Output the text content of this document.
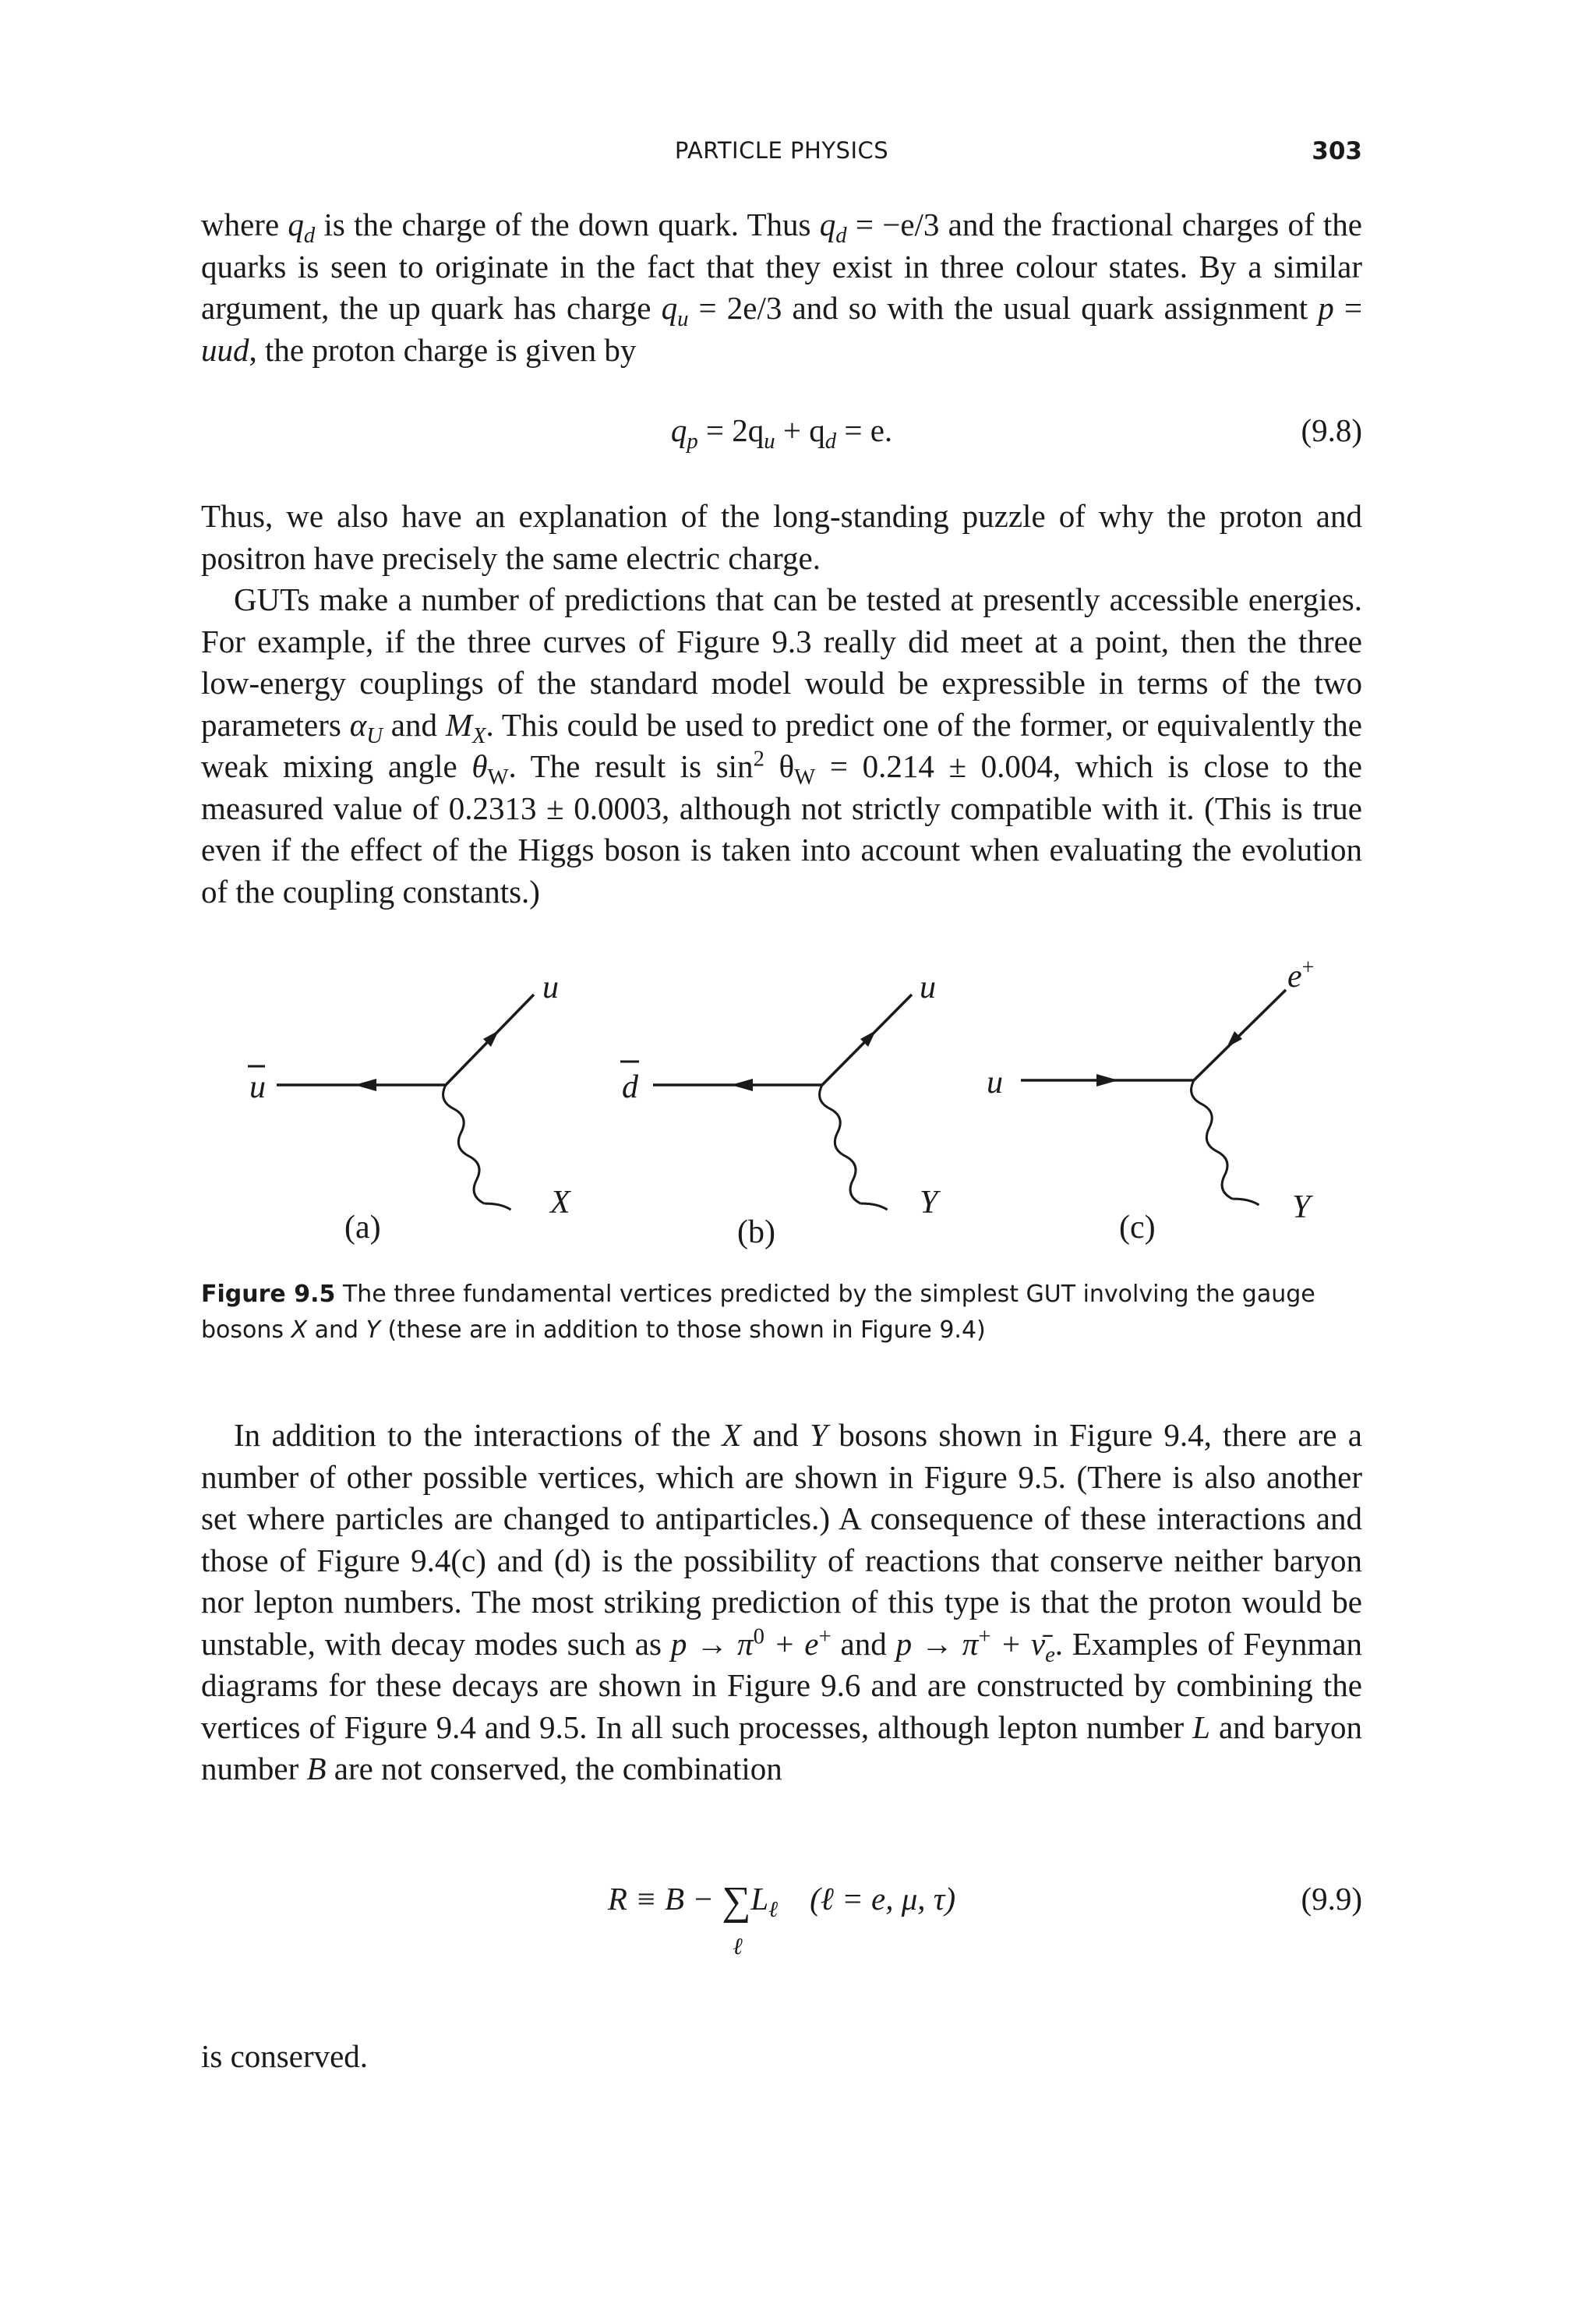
PARTICLE PHYSICS	303

where $q_d$ is the charge of the down quark. Thus $q_d = -e/3$ and the fractional charges of the quarks is seen to originate in the fact that they exist in three colour states. By a similar argument, the up quark has charge $q_u = 2e/3$ and so with the usual quark assignment p = uud, the proton charge is given by

$q_p = 2q_u + q_d = e$.	(9.8)

Thus, we also have an explanation of the long-standing puzzle of why the proton and positron have precisely the same electric charge.

GUTs make a number of predictions that can be tested at presently accessible energies. For example, if the three curves of Figure 9.3 really did meet at a point, then the three low-energy couplings of the standard model would be expressible in terms of the two parameters $\alpha_U$ and $M_X$. This could be used to predict one of the former, or equivalently the weak mixing angle $\theta_W$. The result is $\sin^2 \theta_W = 0.214 \pm 0.004$, which is close to the measured value of 0.2313 ± 0.0003, although not strictly compatible with it. (This is true even if the effect of the Higgs boson is taken into account when evaluating the evolution of the coupling constants.)

u
u
X
(a)
d
u
Y
(b)
u
e+
Y
(c)
Figure 9.5 The three fundamental vertices predicted by the simplest GUT involving the gauge bosons X and Y (these are in addition to those shown in Figure 9.4)

In addition to the interactions of the X and Y bosons shown in Figure 9.4, there are a number of other possible vertices, which are shown in Figure 9.5. (There is also another set where particles are changed to antiparticles.) A consequence of these interactions and those of Figure 9.4(c) and (d) is the possibility of reactions that conserve neither baryon nor lepton numbers. The most striking prediction of this type is that the proton would be unstable, with decay modes such as $p \to \pi^0 + e^+$ and $p \to \pi^+ + \nū_e$. Examples of Feynman diagrams for these decays are shown in Figure 9.6 and are constructed by combining the vertices of Figure 9.4 and 9.5. In all such processes, although lepton number L and baryon number B are not conserved, the combination

R ≡ B − ∑
ℓ
$L_\ell$ (ℓ = e, μ, τ)	(9.9)

is conserved.
